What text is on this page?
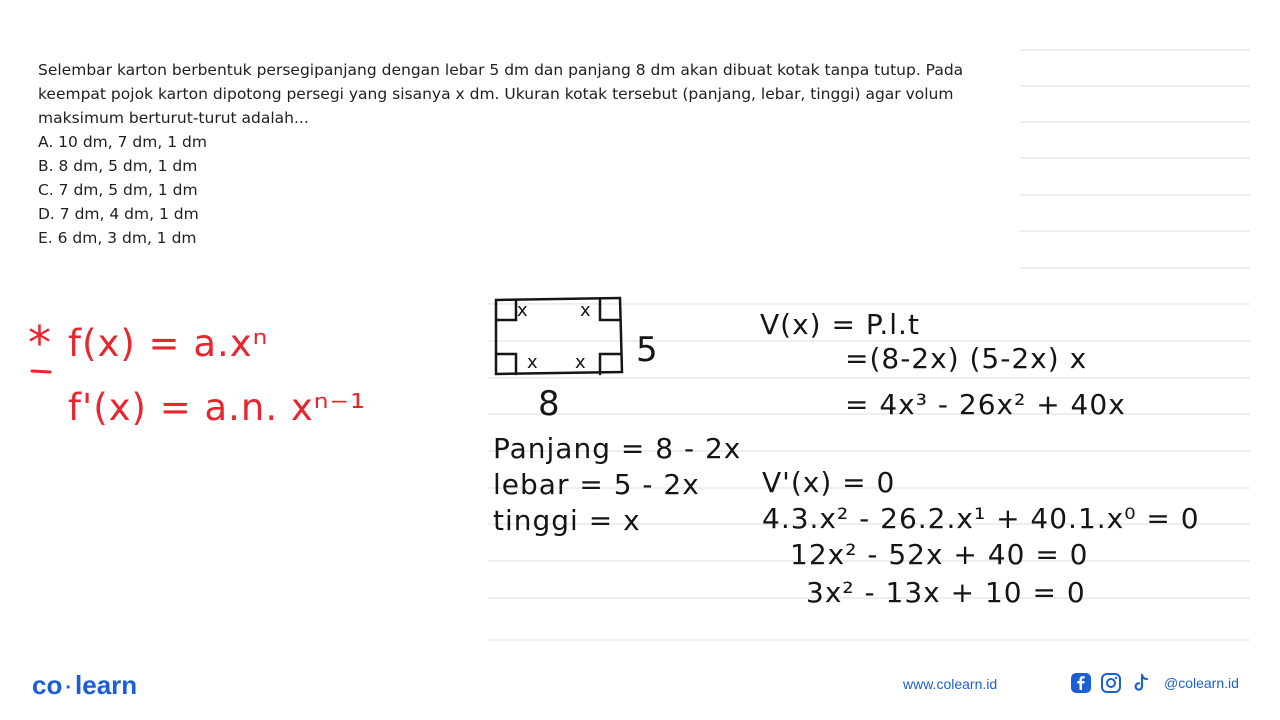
Selembar karton berbentuk persegipanjang dengan lebar 5 dm dan panjang 8 dm akan dibuat kotak tanpa tutup. Pada keempat pojok karton dipotong persegi yang sisanya x dm. Ukuran kotak tersebut (panjang, lebar, tinggi) agar volum maksimum berturut-turut adalah...

A. 10 dm, 7 dm, 1 dm
B. 8 dm, 5 dm, 1 dm
C. 7 dm, 5 dm, 1 dm
D. 7 dm, 4 dm, 1 dm
E. 6 dm, 3 dm, 1 dm
* f(x) = a.xⁿ
f'(x) = a.n. xⁿ⁻¹
x	x
x x 5
8
Panjang = 8 - 2x
lebar = 5 - 2x
tinggi = x
V(x) = P.l.t
=(8-2x) (5-2x) x
= 4x³ - 26x² + 40x
V'(x) = 0
4.3.x² - 26.2.x¹ + 40.1.x⁰ = 0
12x² - 52x + 40 = 0
3x² - 13x + 10 = 0
co · learn	www.colearn.id	@colearn.id
